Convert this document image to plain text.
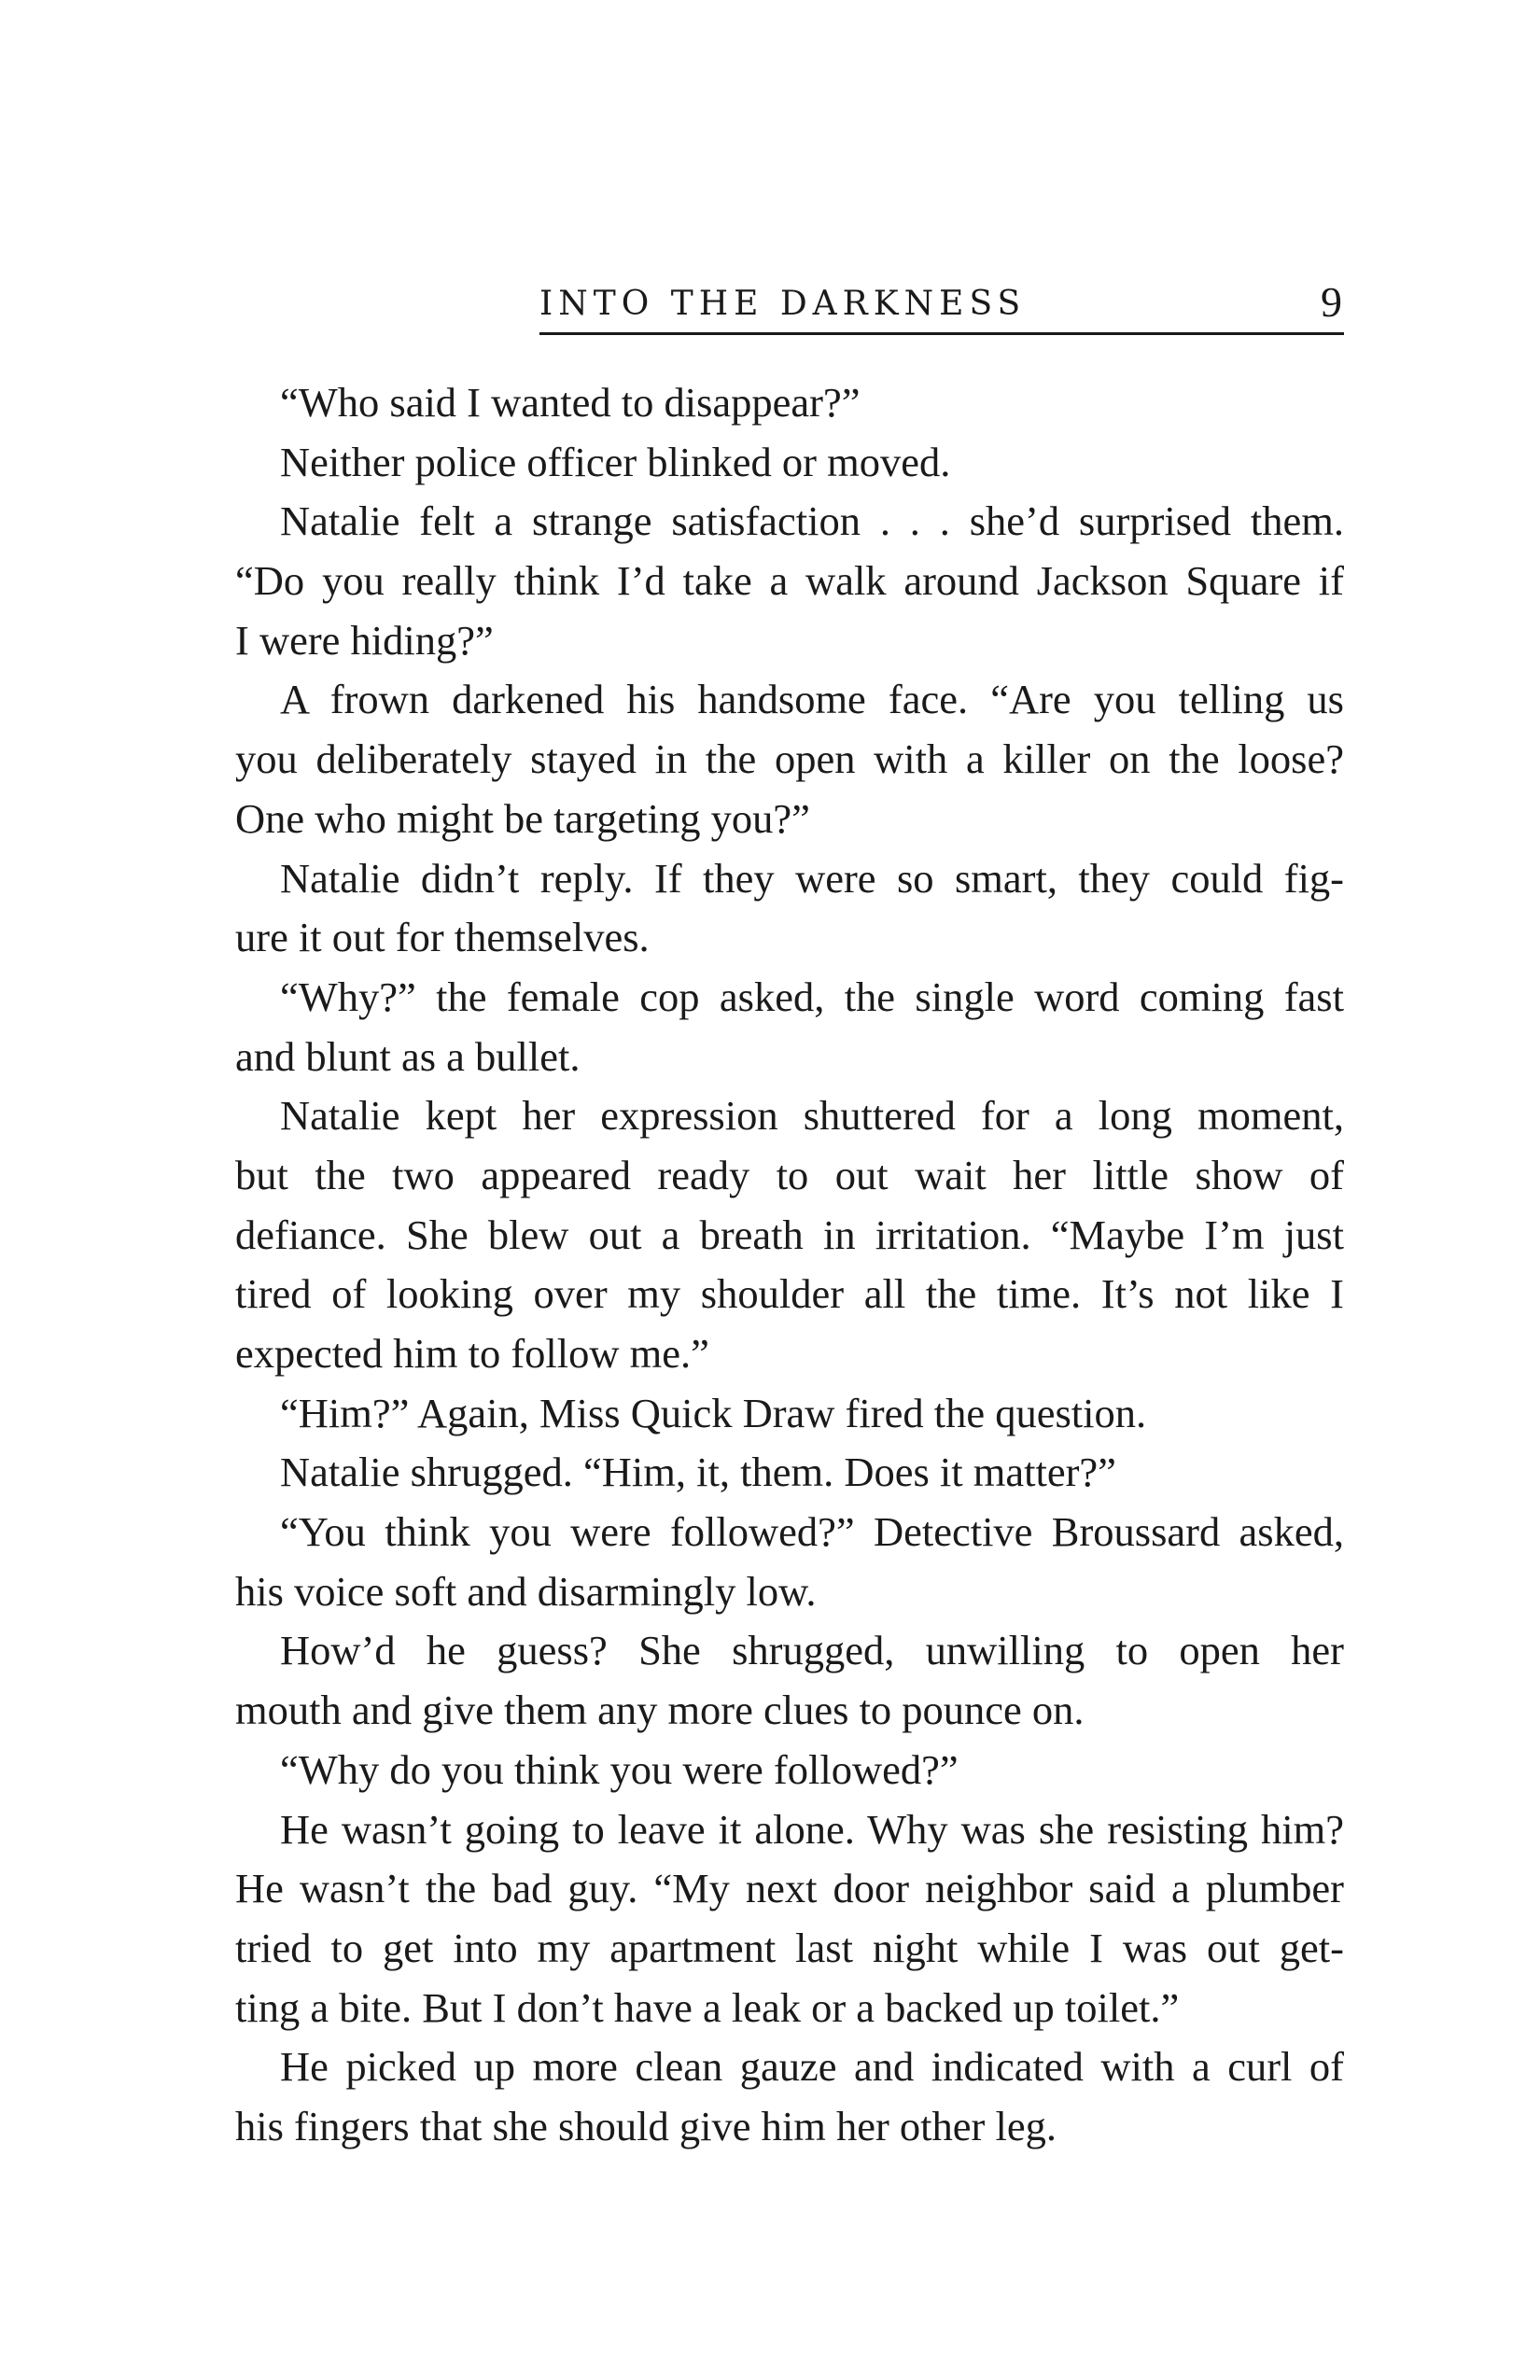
INTO THE DARKNESS	9
“Who said I wanted to disappear?”
Neither police officer blinked or moved.
Natalie felt a strange satisfaction . . . she’d surprised them.
“Do you really think I’d take a walk around Jackson Square if
I were hiding?”
A frown darkened his handsome face. “Are you telling us
you deliberately stayed in the open with a killer on the loose?
One who might be targeting you?”
Natalie didn’t reply. If they were so smart, they could fig-
ure it out for themselves.
“Why?” the female cop asked, the single word coming fast
and blunt as a bullet.
Natalie kept her expression shuttered for a long moment,
but the two appeared ready to out wait her little show of
defiance. She blew out a breath in irritation. “Maybe I’m just
tired of looking over my shoulder all the time. It’s not like I
expected him to follow me.”
“Him?” Again, Miss Quick Draw fired the question.
Natalie shrugged. “Him, it, them. Does it matter?”
“You think you were followed?” Detective Broussard asked,
his voice soft and disarmingly low.
How’d he guess? She shrugged, unwilling to open her
mouth and give them any more clues to pounce on.
“Why do you think you were followed?”
He wasn’t going to leave it alone. Why was she resisting him?
He wasn’t the bad guy. “My next door neighbor said a plumber
tried to get into my apartment last night while I was out get-
ting a bite. But I don’t have a leak or a backed up toilet.”
He picked up more clean gauze and indicated with a curl of
his fingers that she should give him her other leg.
